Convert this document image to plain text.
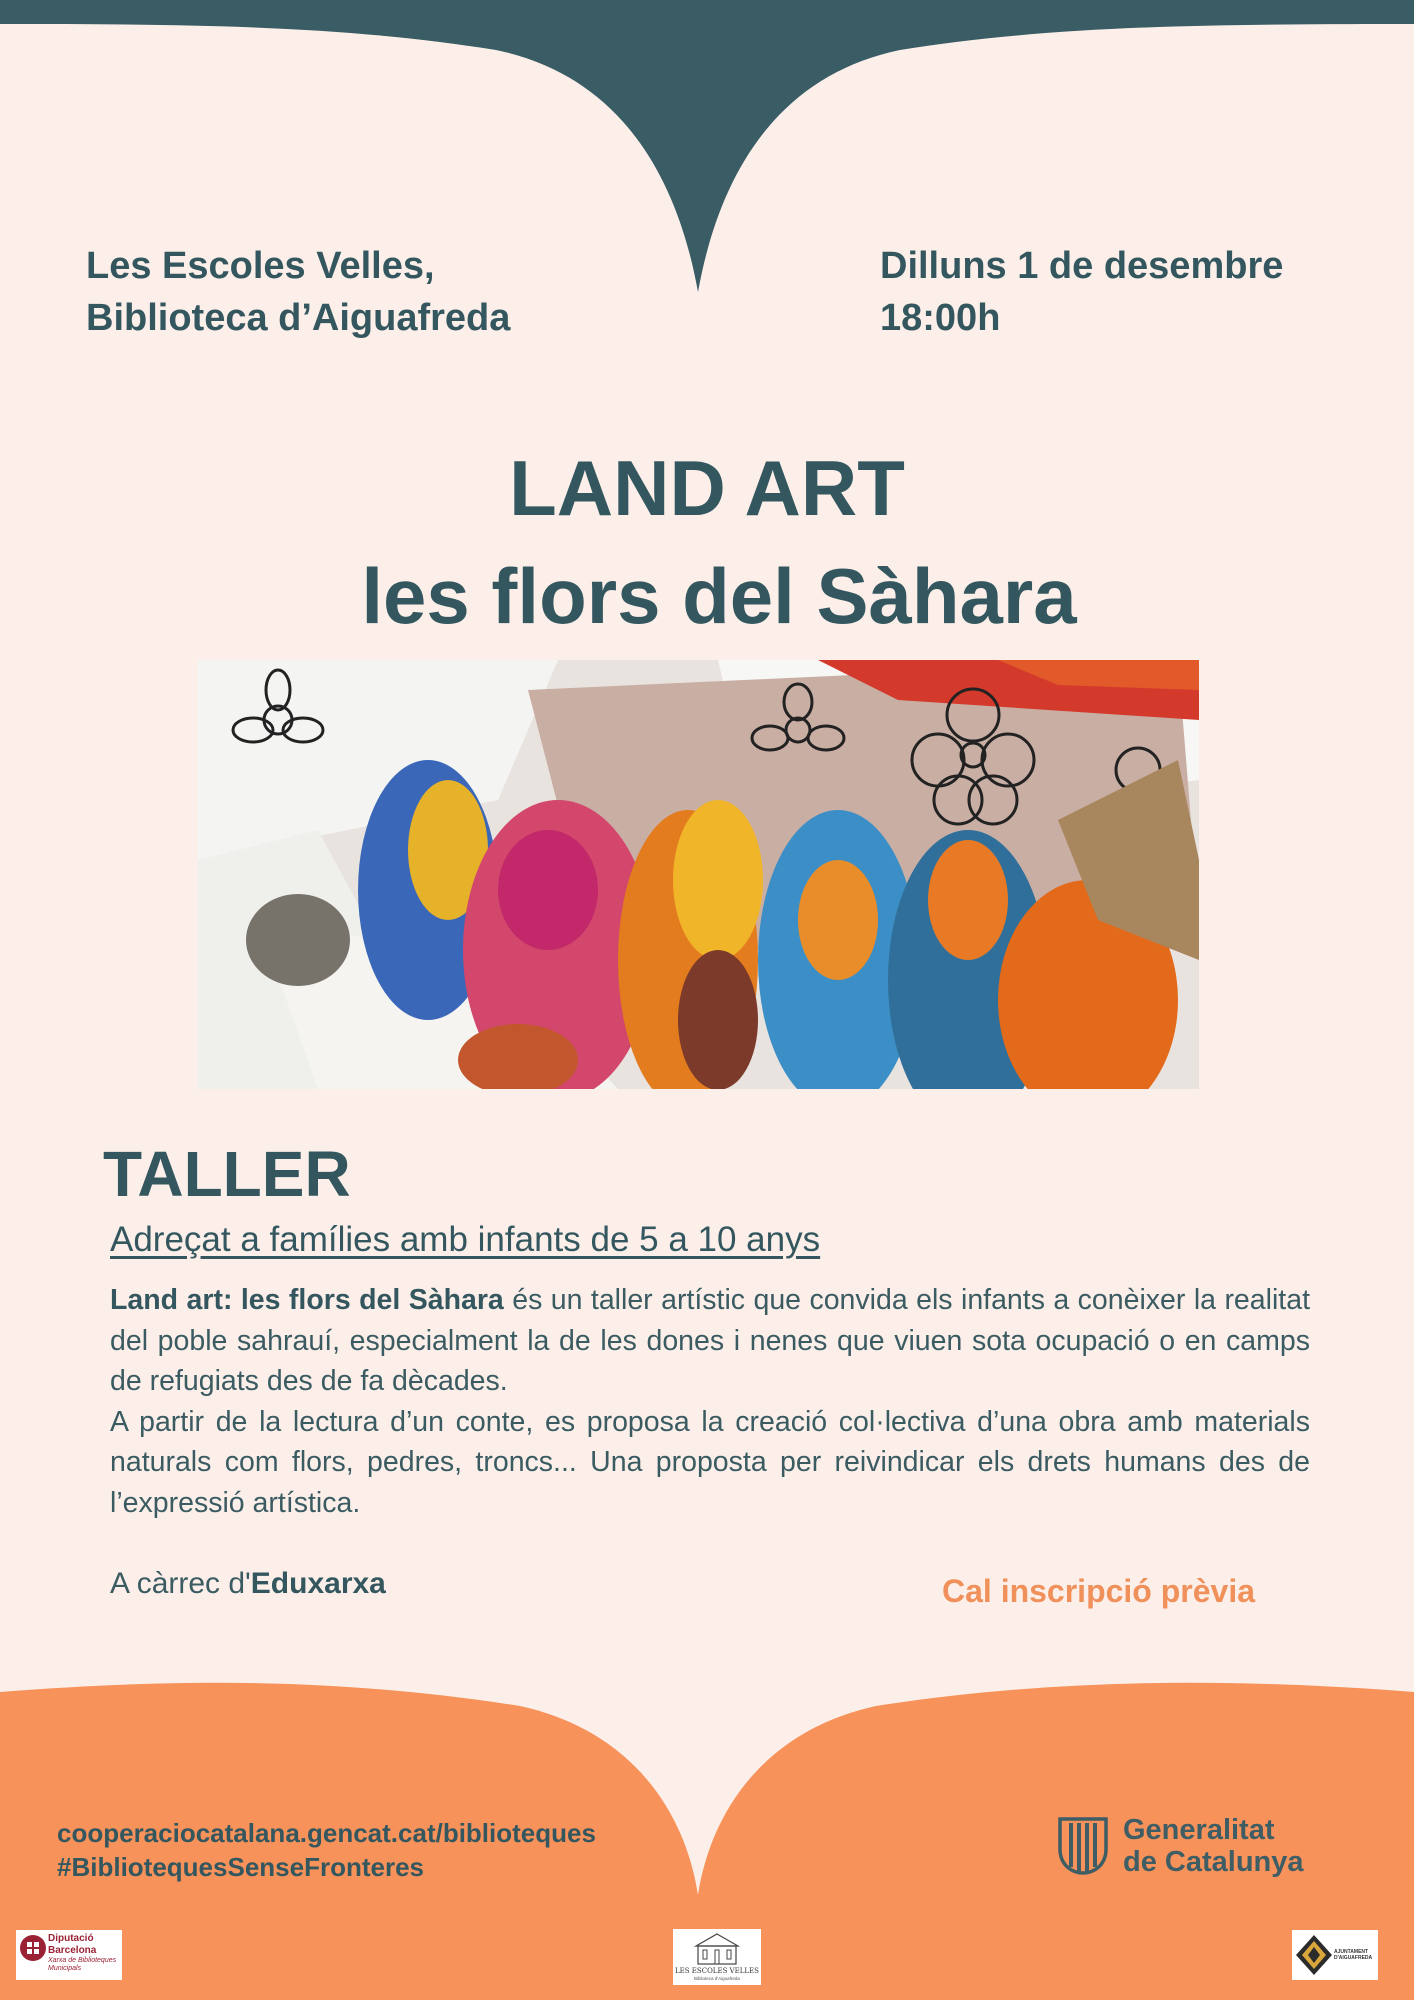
Les Escoles Velles,
Biblioteca d’Aiguafreda
Dilluns 1 de desembre
18:00h
LAND ART
les flors del Sàhara
TALLER
Adreçat a famílies amb infants de 5 a 10 anys

Land art: les flors del Sàhara és un taller artístic que convida els infants a conèixer la realitat del poble sahrauí, especialment la de les dones i nenes que viuen sota ocupació o en camps de refugiats des de fa dècades.

A partir de la lectura d’un conte, es proposa la creació col·lectiva d’una obra amb materials naturals com flors, pedres, troncs... Una proposta per reivindicar els drets humans des de l’expressió artística.

A càrrec d'Eduxarxa	Cal inscripció prèvia
cooperaciocatalana.gencat.cat/biblioteques
#BibliotequesSenseFronteres
Generalitat
de Catalunya
Diputació
Barcelona
Xarxa de Biblioteques
Municipals	LES ESCOLES VELLES
Biblioteca d'Aiguafreda
AJUNTAMENT
D'AIGUAFREDA
